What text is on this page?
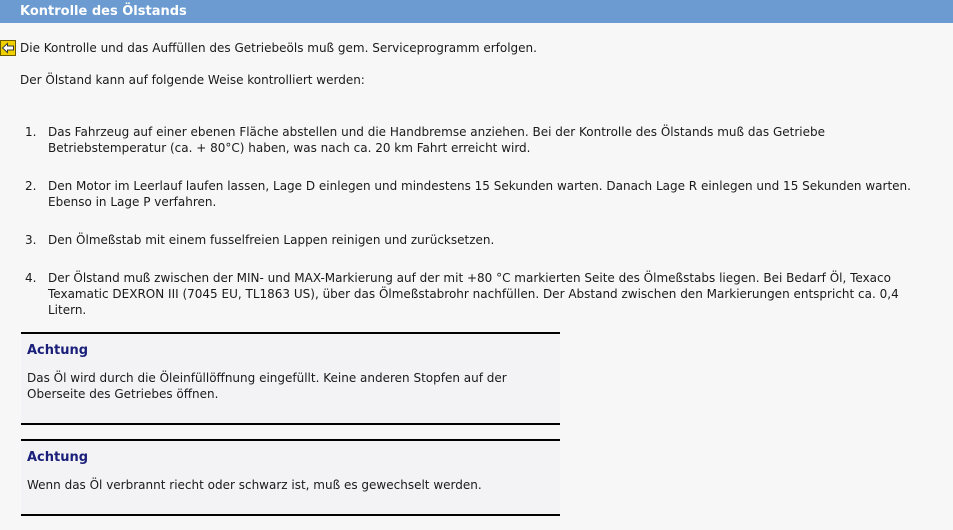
Kontrolle des Ölstands
Die Kontrolle und das Auffüllen des Getriebeöls muß gem. Serviceprogramm erfolgen.
Der Ölstand kann auf folgende Weise kontrolliert werden:
1. Das Fahrzeug auf einer ebenen Fläche abstellen und die Handbremse anziehen. Bei der Kontrolle des Ölstands muß das Getriebe Betriebstemperatur (ca. + 80°C) haben, was nach ca. 20 km Fahrt erreicht wird.
2. Den Motor im Leerlauf laufen lassen, Lage D einlegen und mindestens 15 Sekunden warten. Danach Lage R einlegen und 15 Sekunden warten. Ebenso in Lage P verfahren.
3. Den Ölmeßstab mit einem fusselfreien Lappen reinigen und zurücksetzen.
4. Der Ölstand muß zwischen der MIN- und MAX-Markierung auf der mit +80 °C markierten Seite des Ölmeßstabs liegen. Bei Bedarf Öl, Texaco Texamatic DEXRON III (7045 EU, TL1863 US), über das Ölmeßstabrohr nachfüllen. Der Abstand zwischen den Markierungen entspricht ca. 0,4 Litern.
Achtung
Das Öl wird durch die Öleinfüllöffnung eingefüllt. Keine anderen Stopfen auf der Oberseite des Getriebes öffnen.
Achtung
Wenn das Öl verbrannt riecht oder schwarz ist, muß es gewechselt werden.
